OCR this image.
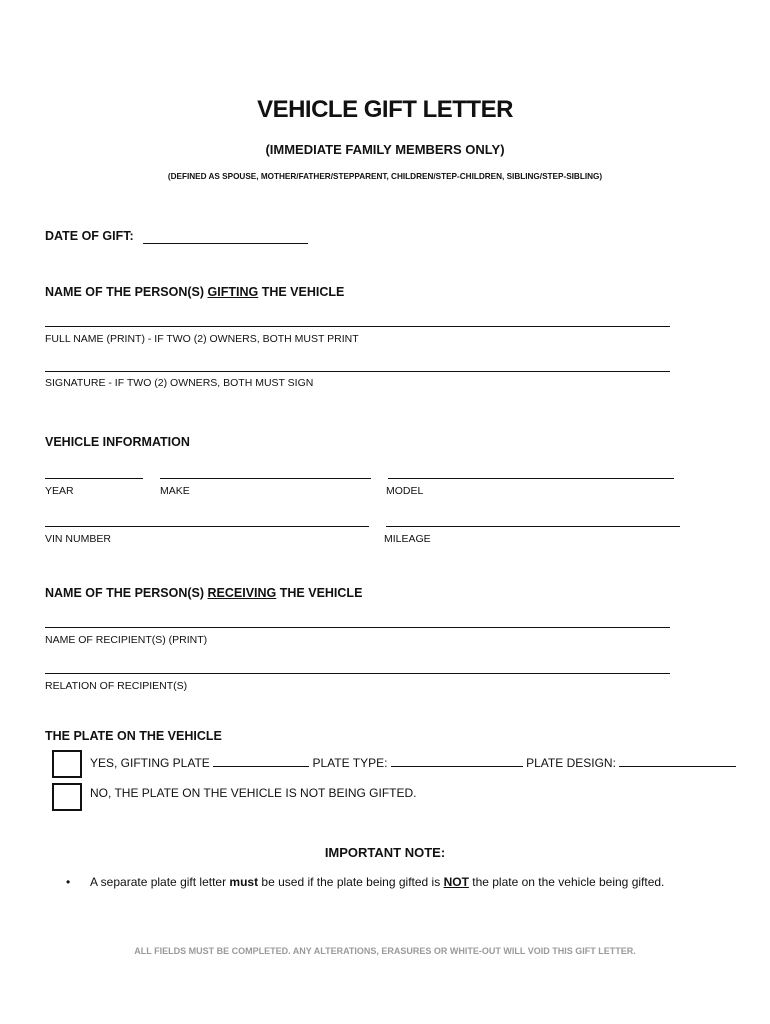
VEHICLE GIFT LETTER
(IMMEDIATE FAMILY MEMBERS ONLY)
(DEFINED AS SPOUSE, MOTHER/FATHER/STEPPARENT, CHILDREN/STEP-CHILDREN, SIBLING/STEP-SIBLING)
DATE OF GIFT:
NAME OF THE PERSON(S) GIFTING THE VEHICLE
FULL NAME (PRINT) - IF TWO (2) OWNERS, BOTH MUST PRINT
SIGNATURE - IF TWO (2) OWNERS, BOTH MUST SIGN
VEHICLE INFORMATION
YEAR	MAKE	MODEL
VIN NUMBER	MILEAGE
NAME OF THE PERSON(S) RECEIVING THE VEHICLE
NAME OF RECIPIENT(S) (PRINT)
RELATION OF RECIPIENT(S)
THE PLATE ON THE VEHICLE
YES, GIFTING PLATE	PLATE TYPE:	PLATE DESIGN:
NO, THE PLATE ON THE VEHICLE IS NOT BEING GIFTED.
IMPORTANT NOTE:
• A separate plate gift letter must be used if the plate being gifted is NOT the plate on the vehicle being gifted.
ALL FIELDS MUST BE COMPLETED. ANY ALTERATIONS, ERASURES OR WHITE-OUT WILL VOID THIS GIFT LETTER.
